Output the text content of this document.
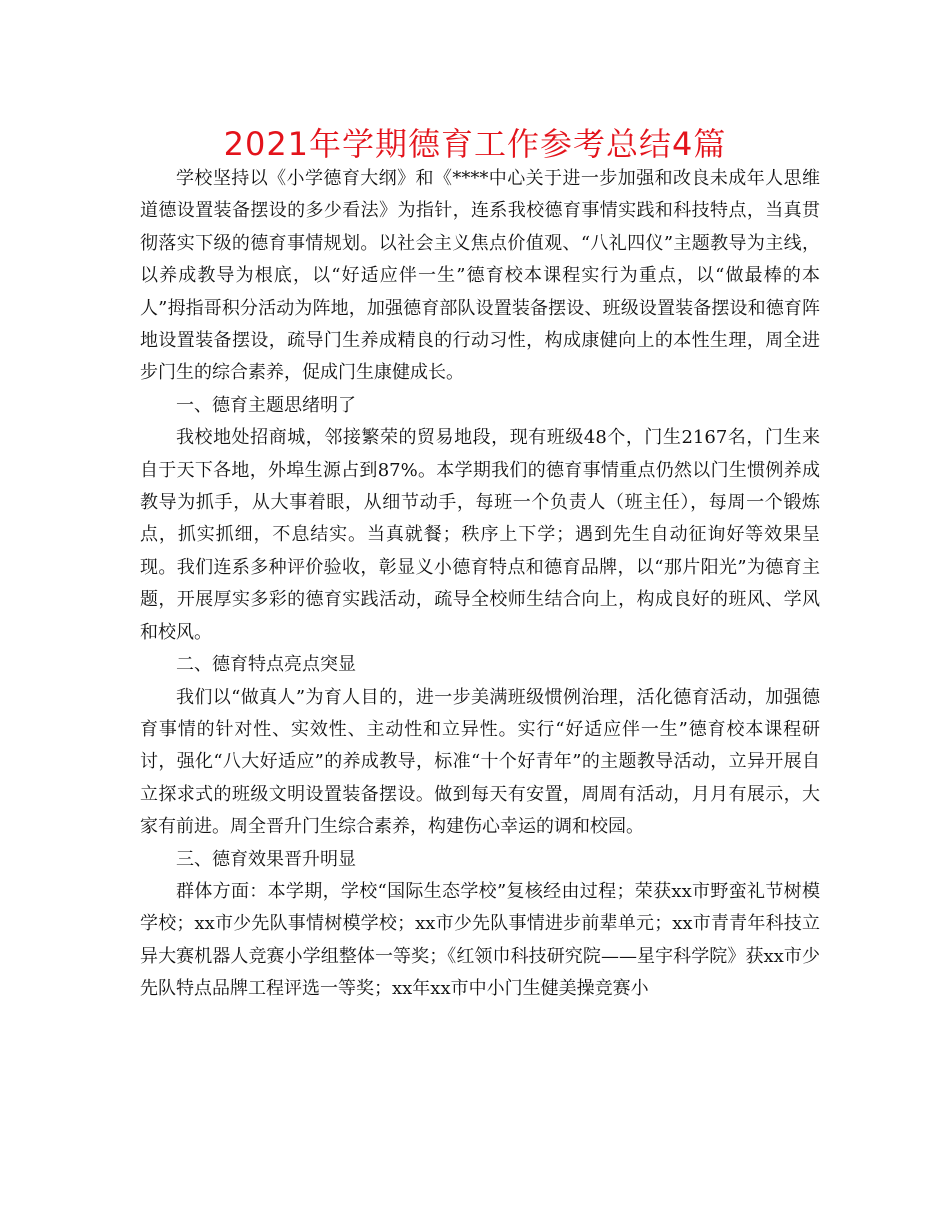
2021年学期德育工作参考总结4篇

学校坚持以《小学德育大纲》和《****中心关于进一步加强和改良未成年人思维道德设置装备摆设的多少看法》为指针，连系我校德育事情实践和科技特点，当真贯彻落实下级的德育事情规划。以社会主义焦点价值观、“八礼四仪”主题教导为主线，以养成教导为根底，以“好适应伴一生”德育校本课程实行为重点，以“做最棒的本人”拇指哥积分活动为阵地，加强德育部队设置装备摆设、班级设置装备摆设和德育阵地设置装备摆设，疏导门生养成精良的行动习性，构成康健向上的本性生理，周全进步门生的综合素养，促成门生康健成长。

一、德育主题思绪明了

我校地处招商城，邻接繁荣的贸易地段，现有班级48个，门生2167名，门生来自于天下各地，外埠生源占到87%。本学期我们的德育事情重点仍然以门生惯例养成教导为抓手，从大事着眼，从细节动手，每班一个负责人（班主任），每周一个锻炼点，抓实抓细，不息结实。当真就餐；秩序上下学；遇到先生自动征询好等效果呈现。我们连系多种评价验收，彰显义小德育特点和德育品牌，以“那片阳光”为德育主题，开展厚实多彩的德育实践活动，疏导全校师生结合向上，构成良好的班风、学风和校风。

二、德育特点亮点突显

我们以“做真人”为育人目的，进一步美满班级惯例治理，活化德育活动，加强德育事情的针对性、实效性、主动性和立异性。实行“好适应伴一生”德育校本课程研讨，强化“八大好适应”的养成教导，标准“十个好青年”的主题教导活动，立异开展自立探求式的班级文明设置装备摆设。做到每天有安置，周周有活动，月月有展示，大家有前进。周全晋升门生综合素养，构建伤心幸运的调和校园。

三、德育效果晋升明显

群体方面：本学期，学校“国际生态学校”复核经由过程；荣获xx市野蛮礼节树模学校；xx市少先队事情树模学校；xx市少先队事情进步前辈单元；xx市青青年科技立异大赛机器人竞赛小学组整体一等奖；《红领巾科技研究院——星宇科学院》获xx市少先队特点品牌工程评选一等奖；xx年xx市中小门生健美操竞赛小
